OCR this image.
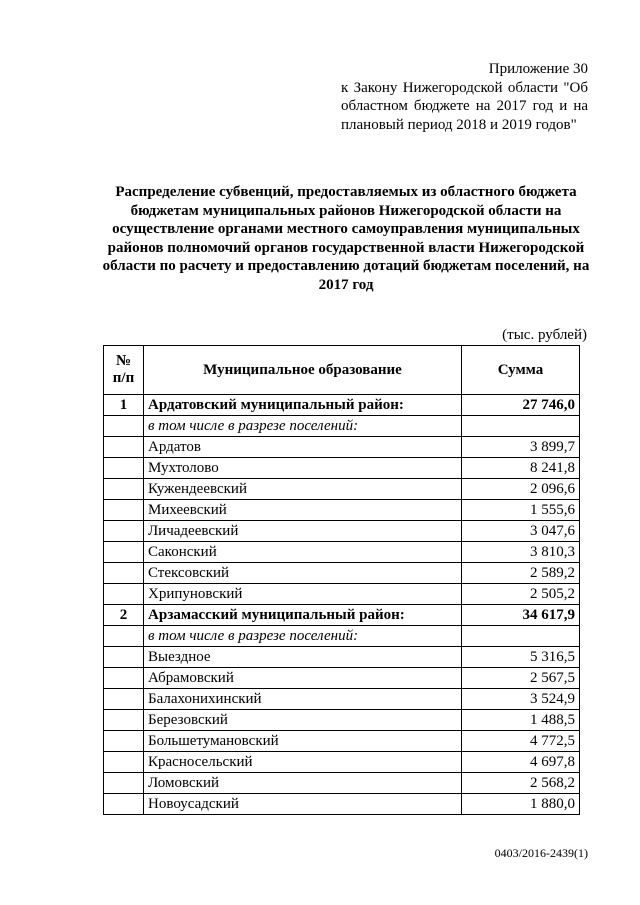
Приложение 30
к Закону Нижегородской области "Об областном бюджете на 2017 год и на плановый период 2018 и 2019 годов"
Распределение субвенций, предоставляемых из областного бюджета бюджетам муниципальных районов Нижегородской области на осуществление органами местного самоуправления муниципальных районов полномочий органов государственной власти Нижегородской области по расчету и предоставлению дотаций бюджетам поселений, на 2017 год
(тыс. рублей)
№ п/п	Муниципальное образование	Сумма
1	Ардатовский муниципальный район:	27 746,0
	в том числе в разрезе поселений:	
	Ардатов	3 899,7
	Мухтолово	8 241,8
	Кужендеевский	2 096,6
	Михеевский	1 555,6
	Личадеевский	3 047,6
	Саконский	3 810,3
	Стексовский	2 589,2
	Хрипуновский	2 505,2
2	Арзамасский муниципальный район:	34 617,9
	в том числе в разрезе поселений:	
	Выездное	5 316,5
	Абрамовский	2 567,5
	Балахонихинский	3 524,9
	Березовский	1 488,5
	Большетумановский	4 772,5
	Красносельский	4 697,8
	Ломовский	2 568,2
	Новоусадский	1 880,0
0403/2016-2439(1)
